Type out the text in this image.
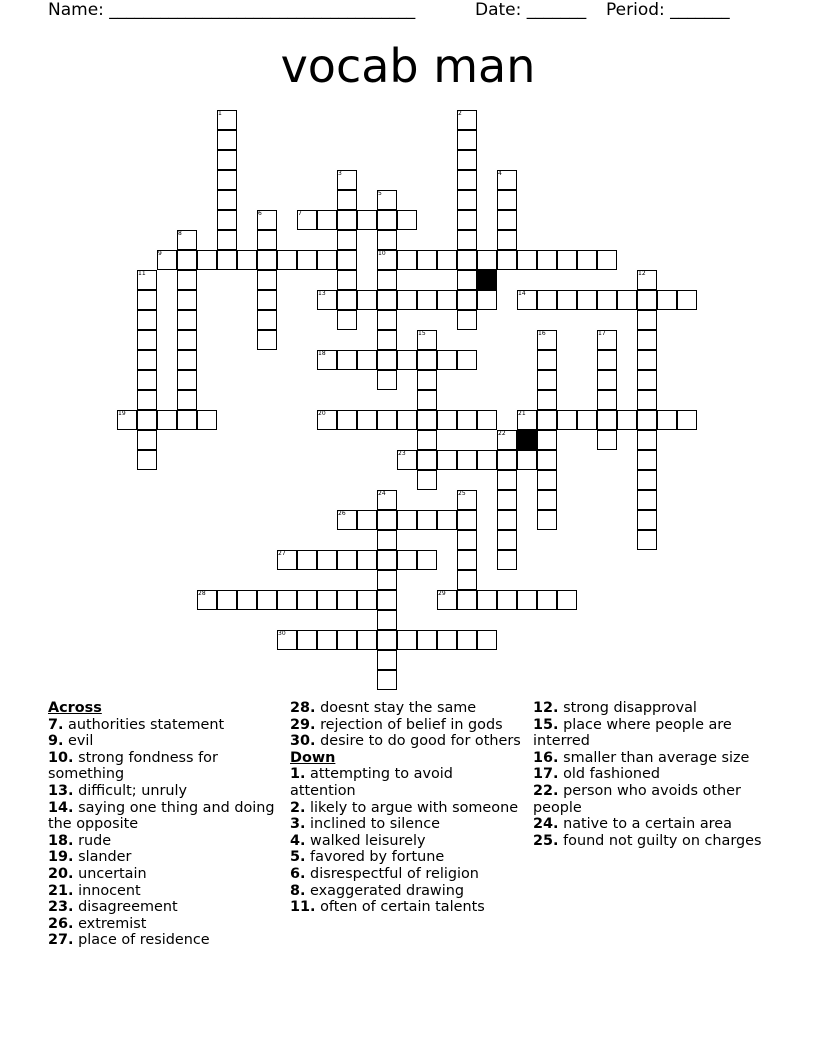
Name: ____________________________________	Date: _______ Period: _______
vocab man
1	2
3	4
5
6	7
8
9	10
11	12
13	14
15	16	17
18
19	20	21
22
23
24	25
26
27
28	29
30
Across
7. authorities statement
9. evil
10. strong fondness for something
13. difficult; unruly
14. saying one thing and doing the opposite
18. rude
19. slander
20. uncertain
21. innocent
23. disagreement
26. extremist
27. place of residence
28. doesnt stay the same
29. rejection of belief in gods
30. desire to do good for others
Down
1. attempting to avoid attention
2. likely to argue with someone
3. inclined to silence
4. walked leisurely
5. favored by fortune
6. disrespectful of religion
8. exaggerated drawing
11. often of certain talents
12. strong disapproval
15. place where people are interred
16. smaller than average size
17. old fashioned
22. person who avoids other people
24. native to a certain area
25. found not guilty on charges
